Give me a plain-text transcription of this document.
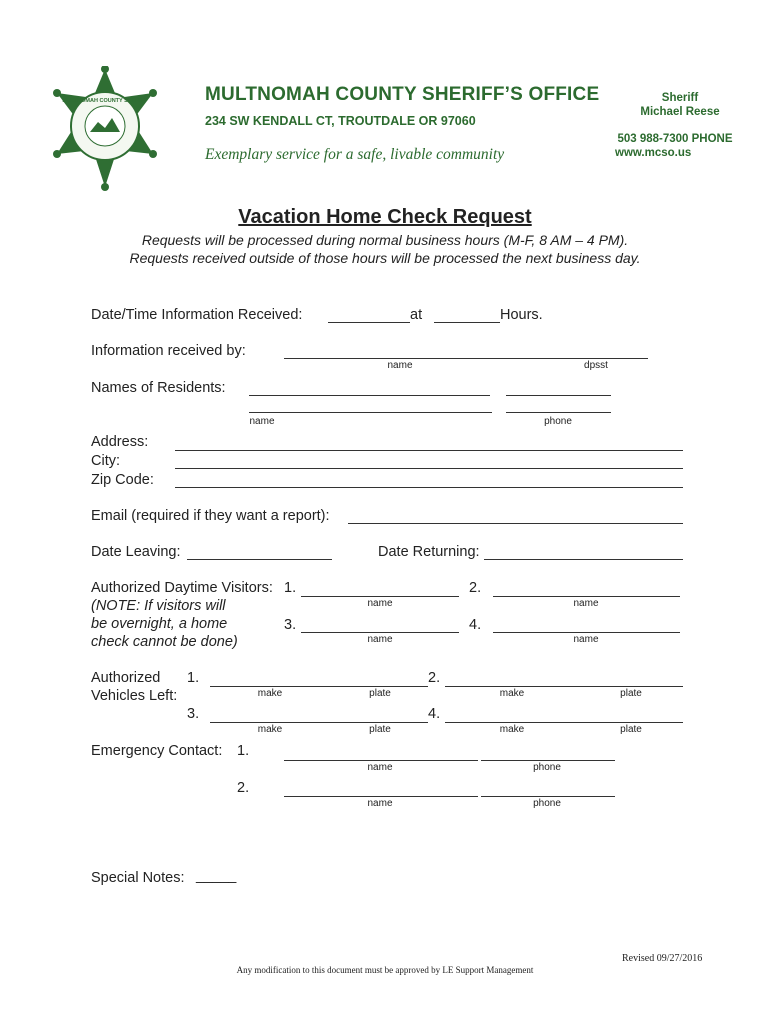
MULTNOMAH COUNTY SHERIFF	MULTNOMAH COUNTY SHERIFF’S OFFICE
234 SW KENDALL CT, TROUTDALE OR 97060
Exemplary service for a safe, livable community
Sheriff
Michael Reese
503 988-7300 PHONE
www.mcso.us
Vacation Home Check Request
Requests will be processed during normal business hours (M-F, 8 AM – 4 PM).
Requests received outside of those hours will be processed the next business day.
Date/Time Information Received:	at	Hours.
Information received by:
name	dpsst
Names of Residents:
name	phone
Address:
City:
Zip Code:
Email (required if they want a report):
Date Leaving:	Date Returning:
Authorized Daytime Visitors:
(NOTE: If visitors will
be overnight, a home
check cannot be done)
1.
name
2.
name
3.
name
4.
name
Authorized
Vehicles Left:
1.
make	plate
2.
make	plate
3.
make	plate
4.
make	plate
Emergency Contact: 1.
name	phone
2.
name	phone
Special Notes: _____
Revised 09/27/2016
Any modification to this document must be approved by LE Support Management
